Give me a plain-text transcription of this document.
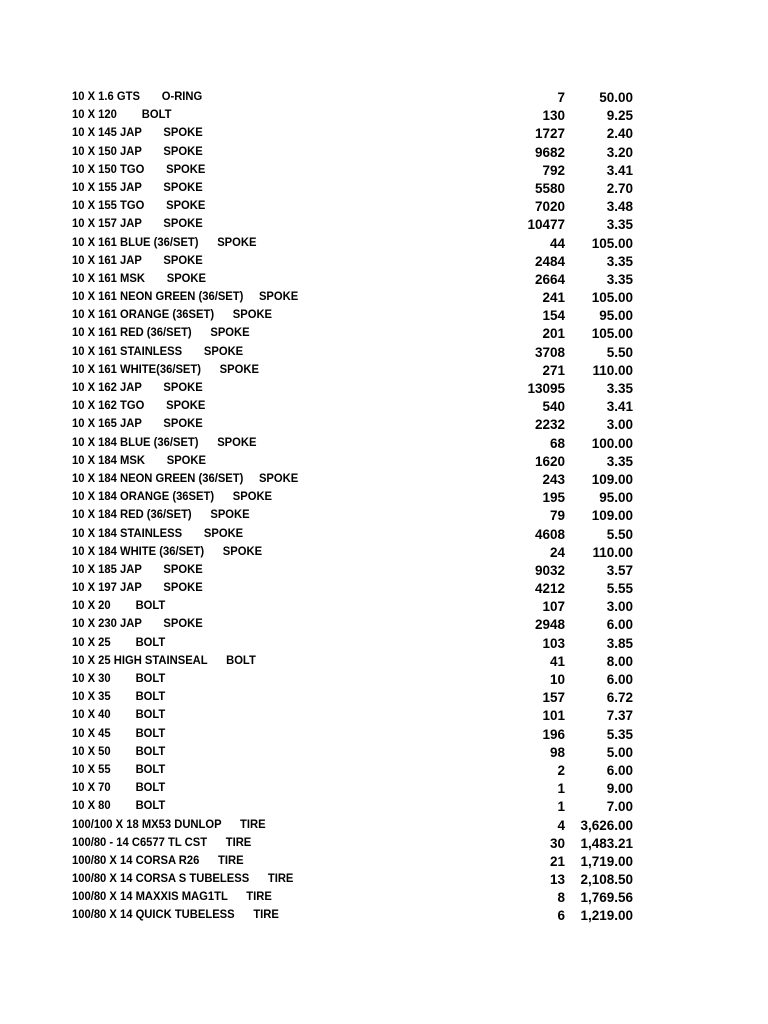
10 X 1.6 GTS       O-RING	7	50.00
10 X 120        BOLT	130	9.25
10 X 145 JAP       SPOKE	1727	2.40
10 X 150 JAP       SPOKE	9682	3.20
10 X 150 TGO       SPOKE	792	3.41
10 X 155 JAP       SPOKE	5580	2.70
10 X 155 TGO       SPOKE	7020	3.48
10 X 157 JAP       SPOKE	10477	3.35
10 X 161 BLUE (36/SET)      SPOKE	44	105.00
10 X 161 JAP       SPOKE	2484	3.35
10 X 161 MSK       SPOKE	2664	3.35
10 X 161 NEON GREEN (36/SET)     SPOKE	241	105.00
10 X 161 ORANGE (36SET)      SPOKE	154	95.00
10 X 161 RED (36/SET)      SPOKE	201	105.00
10 X 161 STAINLESS       SPOKE	3708	5.50
10 X 161 WHITE(36/SET)      SPOKE	271	110.00
10 X 162 JAP       SPOKE	13095	3.35
10 X 162 TGO       SPOKE	540	3.41
10 X 165 JAP       SPOKE	2232	3.00
10 X 184 BLUE (36/SET)      SPOKE	68	100.00
10 X 184 MSK       SPOKE	1620	3.35
10 X 184 NEON GREEN (36/SET)     SPOKE	243	109.00
10 X 184 ORANGE (36SET)      SPOKE	195	95.00
10 X 184 RED (36/SET)      SPOKE	79	109.00
10 X 184 STAINLESS       SPOKE	4608	5.50
10 X 184 WHITE (36/SET)      SPOKE	24	110.00
10 X 185 JAP       SPOKE	9032	3.57
10 X 197 JAP       SPOKE	4212	5.55
10 X 20        BOLT	107	3.00
10 X 230 JAP       SPOKE	2948	6.00
10 X 25        BOLT	103	3.85
10 X 25 HIGH STAINSEAL      BOLT	41	8.00
10 X 30        BOLT	10	6.00
10 X 35        BOLT	157	6.72
10 X 40        BOLT	101	7.37
10 X 45        BOLT	196	5.35
10 X 50        BOLT	98	5.00
10 X 55        BOLT	2	6.00
10 X 70        BOLT	1	9.00
10 X 80        BOLT	1	7.00
100/100 X 18 MX53 DUNLOP      TIRE	4	3,626.00
100/80 - 14 C6577 TL CST      TIRE	30	1,483.21
100/80 X 14 CORSA R26      TIRE	21	1,719.00
100/80 X 14 CORSA S TUBELESS      TIRE	13	2,108.50
100/80 X 14 MAXXIS MAG1TL      TIRE	8	1,769.56
100/80 X 14 QUICK TUBELESS      TIRE	6	1,219.00
